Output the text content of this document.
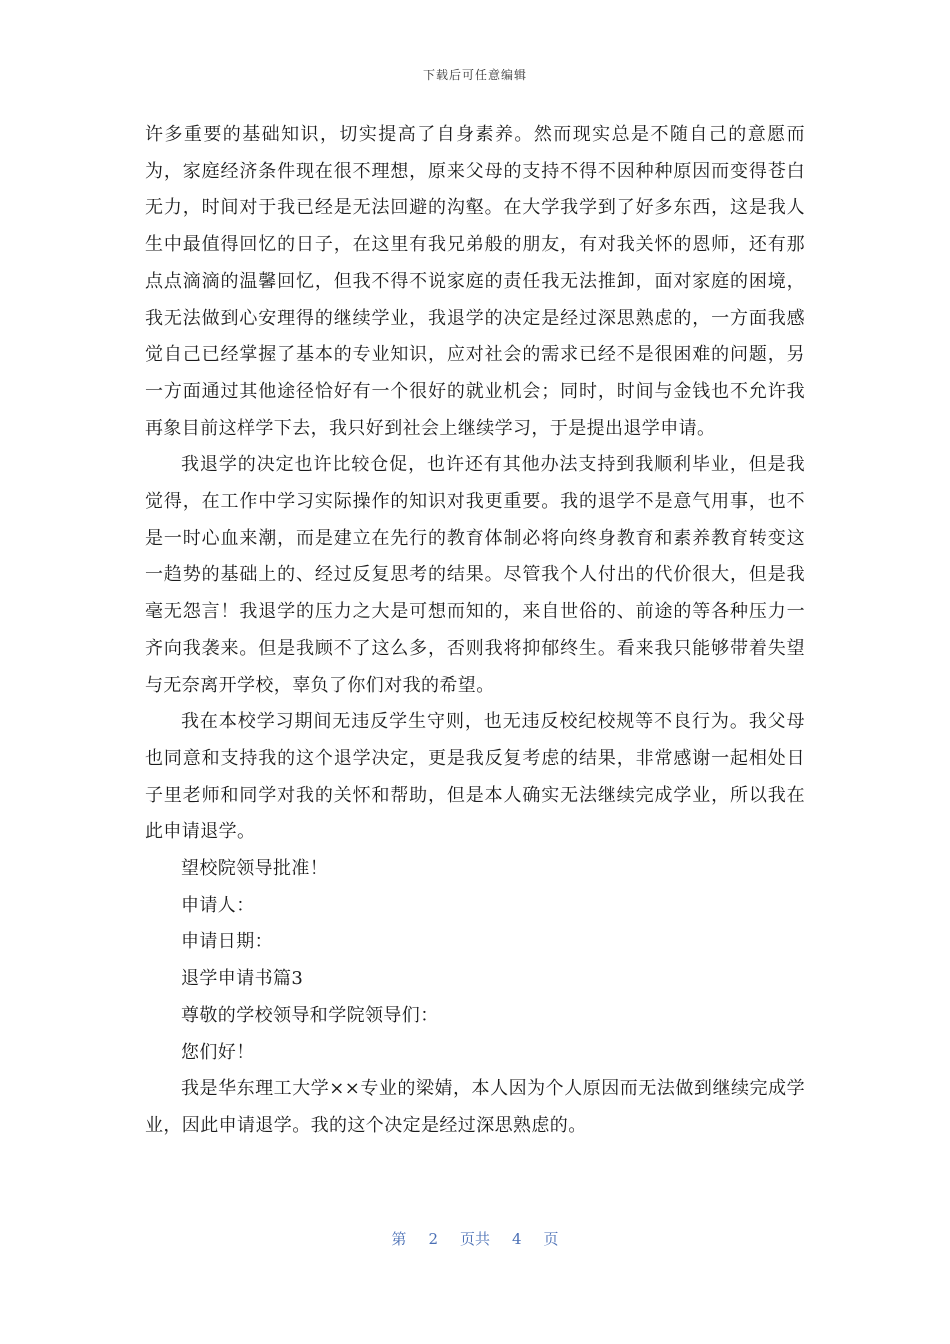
下载后可任意编辑

许多重要的基础知识，切实提高了自身素养。然而现实总是不随自己的意愿而为，家庭经济条件现在很不理想，原来父母的支持不得不因种种原因而变得苍白无力，时间对于我已经是无法回避的沟壑。在大学我学到了好多东西，这是我人生中最值得回忆的日子，在这里有我兄弟般的朋友，有对我关怀的恩师，还有那点点滴滴的温馨回忆，但我不得不说家庭的责任我无法推卸，面对家庭的困境，我无法做到心安理得的继续学业，我退学的决定是经过深思熟虑的，一方面我感觉自己已经掌握了基本的专业知识，应对社会的需求已经不是很困难的问题，另一方面通过其他途径恰好有一个很好的就业机会；同时，时间与金钱也不允许我再象目前这样学下去，我只好到社会上继续学习，于是提出退学申请。

我退学的决定也许比较仓促，也许还有其他办法支持到我顺利毕业，但是我觉得，在工作中学习实际操作的知识对我更重要。我的退学不是意气用事，也不是一时心血来潮，而是建立在先行的教育体制必将向终身教育和素养教育转变这一趋势的基础上的、经过反复思考的结果。尽管我个人付出的代价很大，但是我毫无怨言！我退学的压力之大是可想而知的，来自世俗的、前途的等各种压力一齐向我袭来。但是我顾不了这么多，否则我将抑郁终生。看来我只能够带着失望与无奈离开学校，辜负了你们对我的希望。

我在本校学习期间无违反学生守则，也无违反校纪校规等不良行为。我父母也同意和支持我的这个退学决定，更是我反复考虑的结果，非常感谢一起相处日子里老师和同学对我的关怀和帮助，但是本人确实无法继续完成学业，所以我在此申请退学。

望校院领导批准！

申请人：

申请日期：

退学申请书篇3

尊敬的学校领导和学院领导们：

您们好！

我是华东理工大学××专业的梁婧，本人因为个人原因而无法做到继续完成学业，因此申请退学。我的这个决定是经过深思熟虑的。

第 2 页共 4 页
